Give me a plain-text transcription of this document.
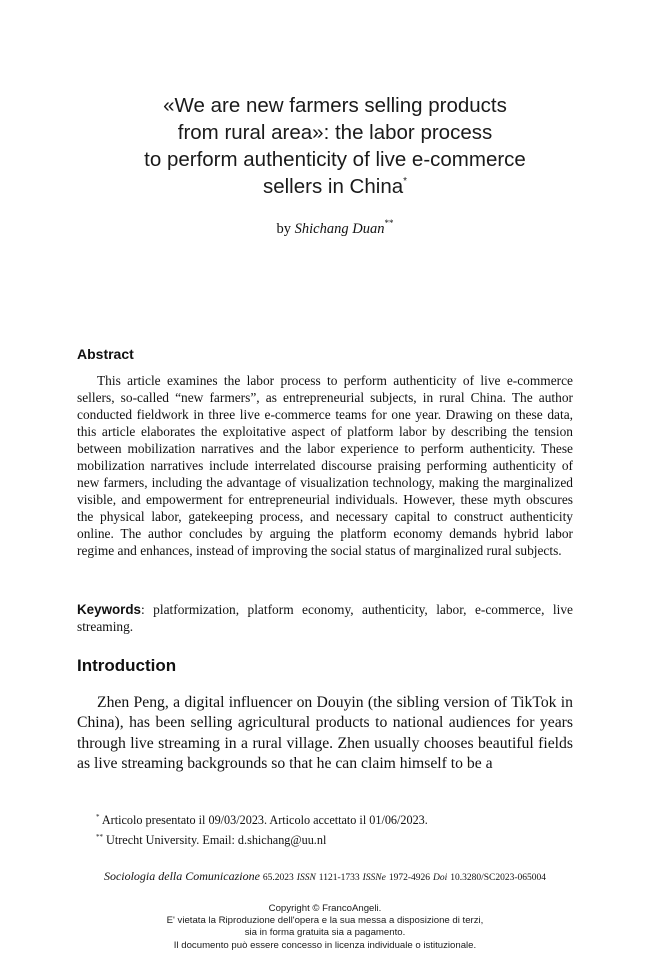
«We are new farmers selling products
from rural area»: the labor process
to perform authenticity of live e-commerce
sellers in China*
by Shichang Duan**
Abstract

This article examines the labor process to perform authenticity of live e-commerce sellers, so-called “new farmers”, as entrepreneurial subjects, in rural China. The author conducted fieldwork in three live e-commerce teams for one year. Drawing on these data, this article elaborates the exploitative aspect of platform labor by describing the tension between mobilization narratives and the labor experience to perform authenticity. These mobilization narratives include interrelated discourse praising performing authenticity of new farmers, including the advantage of visualization technology, making the marginalized visible, and empowerment for entrepreneurial individuals. However, these myth obscures the physical labor, gatekeeping process, and necessary capital to construct authenticity online. The author concludes by arguing the platform economy demands hybrid labor regime and enhances, instead of improving the social status of marginalized rural subjects.

Keywords: platformization, platform economy, authenticity, labor, e-commerce, live streaming.

Introduction

Zhen Peng, a digital influencer on Douyin (the sibling version of TikTok in China), has been selling agricultural products to national audiences for years through live streaming in a rural village. Zhen usually chooses beautiful fields as live streaming backgrounds so that he can claim himself to be a

* Articolo presentato il 09/03/2023. Articolo accettato il 01/06/2023.
** Utrecht University. Email: d.shichang@uu.nl
Sociologia della Comunicazione 65.2023 ISSN 1121-1733 ISSNe 1972-4926 Doi 10.3280/SC2023-065004
Copyright © FrancoAngeli.
E' vietata la Riproduzione dell'opera e la sua messa a disposizione di terzi,
sia in forma gratuita sia a pagamento.
Il documento può essere concesso in licenza individuale o istituzionale.
